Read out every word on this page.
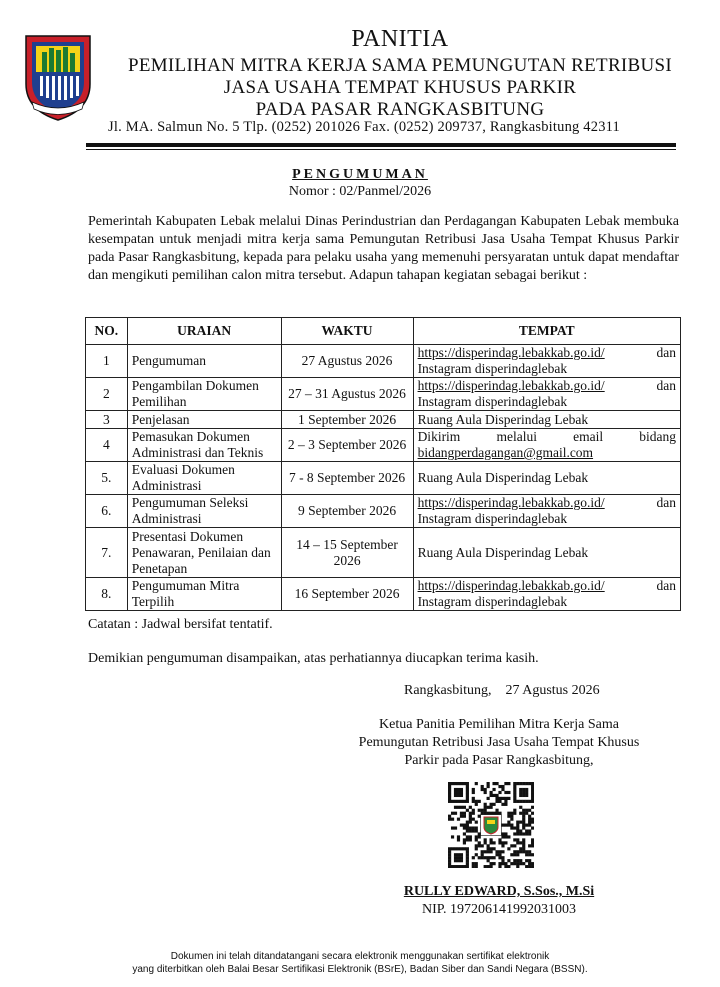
PANITIA
PEMILIHAN MITRA KERJA SAMA PEMUNGUTAN RETRIBUSI
JASA USAHA TEMPAT KHUSUS PARKIR
PADA PASAR RANGKASBITUNG
Jl. MA. Salmun No. 5 Tlp. (0252) 201026 Fax. (0252) 209737, Rangkasbitung 42311
PENGUMUMAN
Nomor : 02/Panmel/2026
Pemerintah Kabupaten Lebak melalui Dinas Perindustrian dan Perdagangan Kabupaten Lebak membuka kesempatan untuk menjadi mitra kerja sama Pemungutan Retribusi Jasa Usaha Tempat Khusus Parkir pada Pasar Rangkasbitung, kepada para pelaku usaha yang memenuhi persyaratan untuk dapat mendaftar dan mengikuti pemilihan calon mitra tersebut. Adapun tahapan kegiatan sebagai berikut :
NO.	URAIAN	WAKTU	TEMPAT
1	Pengumuman	27 Agustus 2026	https://disperindag.lebakkab.go.id/ dan
Instagram disperindaglebak

2	Pengambilan Dokumen Pemilihan	27 – 31 Agustus 2026	https://disperindag.lebakkab.go.id/ dan
Instagram disperindaglebak

3	Penjelasan	1 September 2026	Ruang Aula Disperindag Lebak
4	Pemasukan Dokumen Administrasi dan Teknis	2 – 3 September 2026	Dikirim melalui email bidang
bidangperdagangan@gmail.com

5.	Evaluasi Dokumen Administrasi	7 - 8 September 2026	Ruang Aula Disperindag Lebak
6.	Pengumuman Seleksi Administrasi	9 September 2026	https://disperindag.lebakkab.go.id/ dan
Instagram disperindaglebak

7.	Presentasi Dokumen Penawaran, Penilaian dan Penetapan	14 – 15 September 2026	Ruang Aula Disperindag Lebak
8.	Pengumuman Mitra Terpilih	16 September 2026	https://disperindag.lebakkab.go.id/ dan
Instagram disperindaglebak
Catatan : Jadwal bersifat tentatif.
Demikian pengumuman disampaikan, atas perhatiannya diucapkan terima kasih.
Rangkasbitung,    27 Agustus 2026
Ketua Panitia Pemilihan Mitra Kerja Sama
Pemungutan Retribusi Jasa Usaha Tempat Khusus
Parkir pada Pasar Rangkasbitung,
RULLY EDWARD, S.Sos., M.Si
NIP. 197206141992031003
Dokumen ini telah ditandatangani secara elektronik menggunakan sertifikat elektronik
yang diterbitkan oleh Balai Besar Sertifikasi Elektronik (BSrE), Badan Siber dan Sandi Negara (BSSN).
